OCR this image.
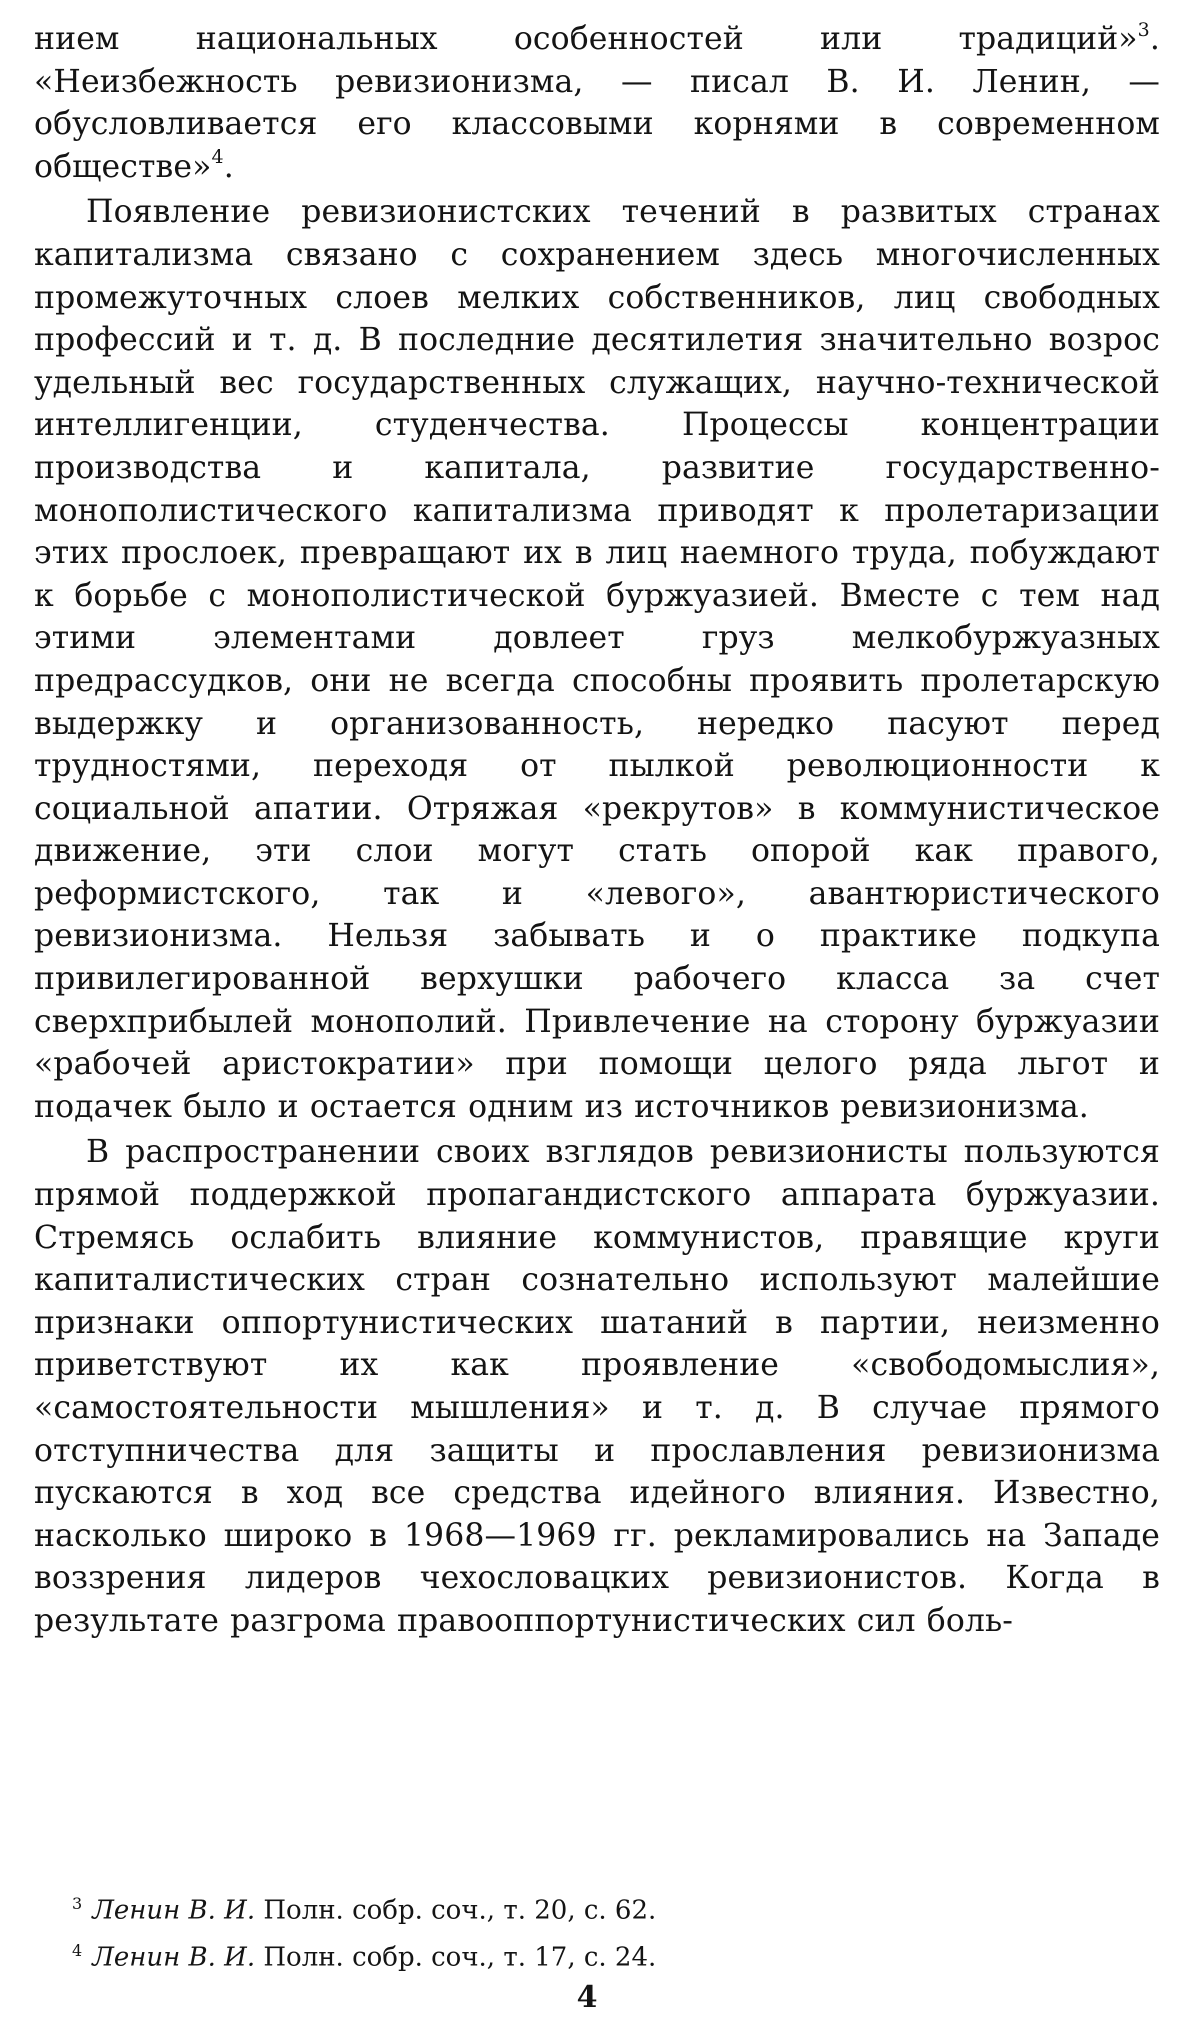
нием национальных особенностей или традиций»$^3$. «Неизбежность ревизионизма, — писал В. И. Ленин, — обусловливается его классовыми корнями в современном обществе»$^4$.

Появление ревизионистских течений в развитых странах капитализма связано с сохранением здесь многочисленных промежуточных слоев мелких собственников, лиц свободных профессий и т. д. В последние десятилетия значительно возрос удельный вес государственных служащих, научно-технической интеллигенции, студенчества. Процессы концентрации производства и капитала, развитие государственно-монополистического капитализма приводят к пролетаризации этих прослоек, превращают их в лиц наемного труда, побуждают к борьбе с монополистической буржуазией. Вместе с тем над этими элементами довлеет груз мелкобуржуазных предрассудков, они не всегда способны проявить пролетарскую выдержку и организованность, нередко пасуют перед трудностями, переходя от пылкой революционности к социальной апатии. Отряжая «рекрутов» в коммунистическое движение, эти слои могут стать опорой как правого, реформистского, так и «левого», авантюристического ревизионизма. Нельзя забывать и о практике подкупа привилегированной верхушки рабочего класса за счет сверхприбылей монополий. Привлечение на сторону буржуазии «рабочей аристократии» при помощи целого ряда льгот и подачек было и остается одним из источников ревизионизма.

В распространении своих взглядов ревизионисты пользуются прямой поддержкой пропагандистского аппарата буржуазии. Стремясь ослабить влияние коммунистов, правящие круги капиталистических стран сознательно используют малейшие признаки оппортунистических шатаний в партии, неизменно приветствуют их как проявление «свободомыслия», «самостоятельности мышления» и т. д. В случае прямого отступничества для защиты и прославления ревизионизма пускаются в ход все средства идейного влияния. Известно, насколько широко в 1968—1969 гг. рекламировались на Западе воззрения лидеров чехословацких ревизионистов. Когда в результате разгрома правооппортунистических сил боль-

$^3$ Ленин В. И. Полн. собр. соч., т. 20, с. 62.
$^4$ Ленин В. И. Полн. собр. соч., т. 17, с. 24.
4
